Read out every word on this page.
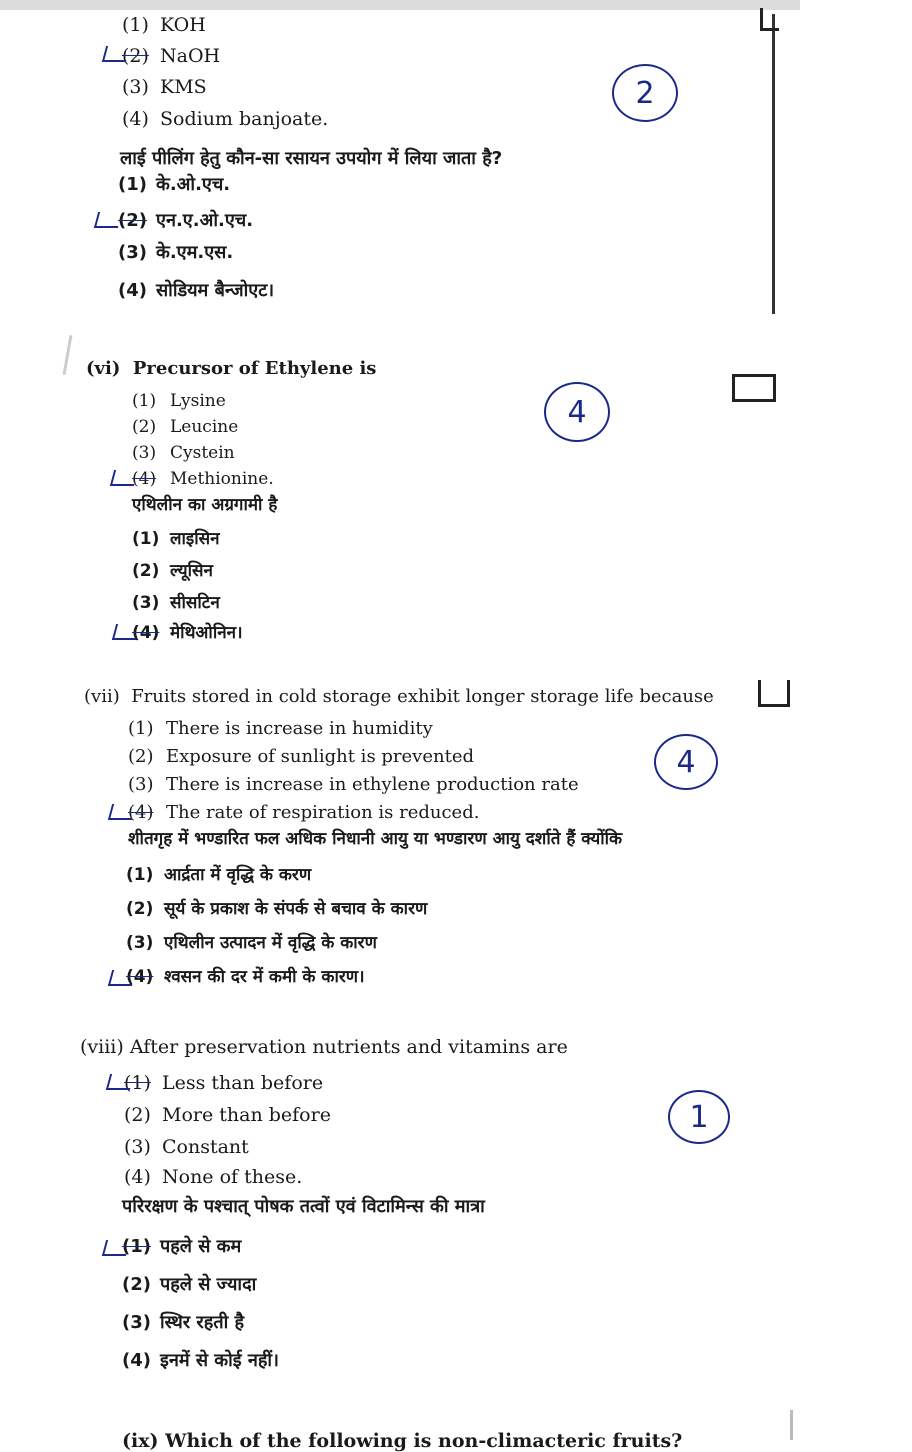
(1) KOH
(2) NaOH
(3) KMS
(4) Sodium banjoate.
2
लाई पीलिंग हेतु कौन-सा रसायन उपयोग में लिया जाता है?
(1) के.ओ.एच.
(2) एन.ए.ओ.एच.
(3) के.एम.एस.
(4) सोडियम बैन्जोएट।
(vi) Precursor of Ethylene is
4
(1) Lysine
(2) Leucine
(3) Cystein
(4) Methionine.
एथिलीन का अग्रगामी है
(1) लाइसिन
(2) ल्यूसिन
(3) सीसटिन
(4) मेथिओनिन।
(vii) Fruits stored in cold storage exhibit longer storage life because
(1) There is increase in humidity
(2) Exposure of sunlight is prevented
(3) There is increase in ethylene production rate
(4) The rate of respiration is reduced.
4
शीतगृह में भण्डारित फल अधिक निधानी आयु या भण्डारण आयु दर्शाते हैं क्योंकि
(1) आर्द्रता में वृद्धि के करण
(2) सूर्य के प्रकाश के संपर्क से बचाव के कारण
(3) एथिलीन उत्पादन में वृद्धि के कारण
(4) श्वसन की दर में कमी के कारण।
(viii) After preservation nutrients and vitamins are
(1) Less than before
(2) More than before
(3) Constant
(4) None of these.
1
परिरक्षण के पश्चात् पोषक तत्वों एवं विटामिन्स की मात्रा
(1) पहले से कम
(2) पहले से ज्यादा
(3) स्थिर रहती है
(4) इनमें से कोई नहीं।
(ix) Which of the following is non-climacteric fruits?
